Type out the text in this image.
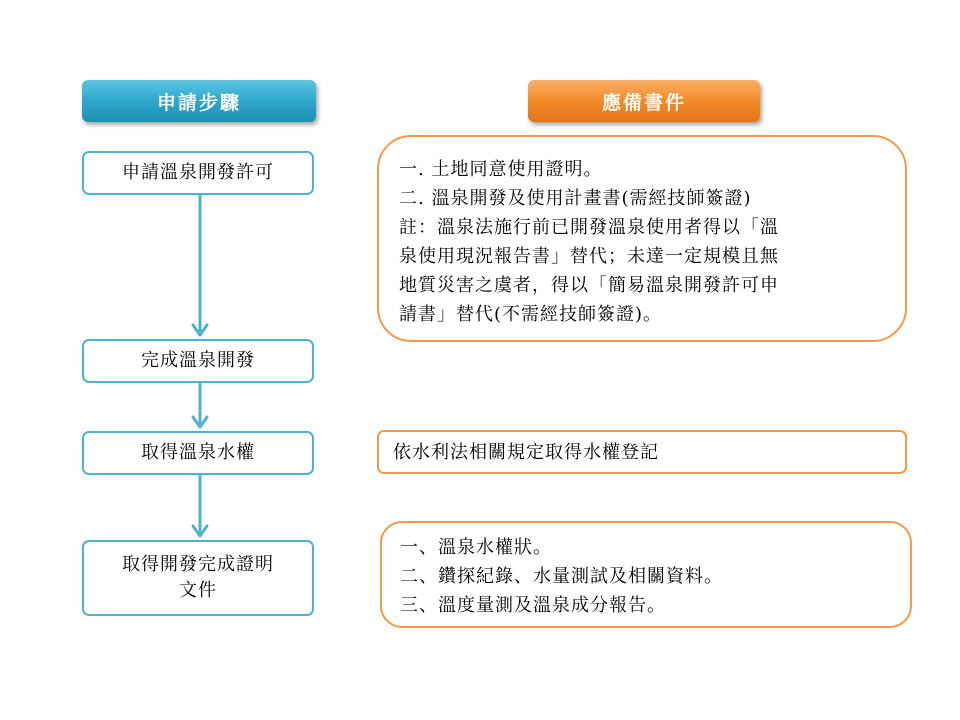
申請步驟	應備書件
申請溫泉開發許可
完成溫泉開發
取得溫泉水權
取得開發完成證明
文件
一. 土地同意使用證明。
二. 溫泉開發及使用計畫書(需經技師簽證)
註：溫泉法施行前已開發溫泉使用者得以「溫
泉使用現況報告書」替代；未達一定規模且無
地質災害之虞者，得以「簡易溫泉開發許可申
請書」替代(不需經技師簽證)。
依水利法相關規定取得水權登記
一、溫泉水權狀。
二、鑽探紀錄、水量測試及相關資料。
三、溫度量測及溫泉成分報告。
